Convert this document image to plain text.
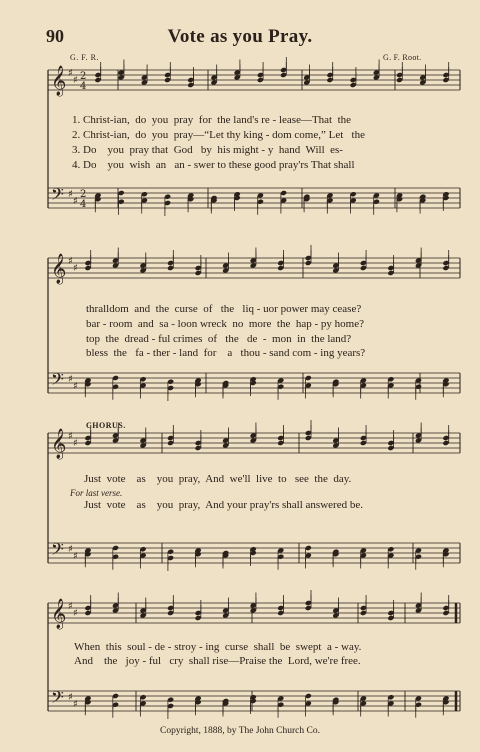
90	Vote as you Pray.
G. F. R.	G. F. Root.
𝄞
𝄢
♯
♯
♯
♯
2
4
2
4
𝄞
𝄢
♯
♯
♯
♯
𝄞
𝄢
♯
♯
♯
♯
𝄞
𝄢
♯
♯
♯
♯
1. Christ-ian,  do  you  pray  for  the land's re - lease—That  the
2. Christ-ian,  do  you  pray—“Let thy king - dom come,” Let   the
3. Do    you  pray that  God   by  his might - y  hand  Will  es-
4. Do    you  wish  an   an - swer to these good pray'rs That shall
thralldom  and  the  curse  of   the   liq - uor power may cease?
bar - room  and  sa - loon wreck  no  more  the  hap - py home?
top  the  dread - ful crimes  of   the   de  -  mon  in  the land?
bless  the   fa - ther - land  for    a   thou - sand com - ing years?
CHORUS.
Just  vote    as    you  pray,  And  we'll  live  to   see  the  day.
For last verse.
Just  vote    as    you  pray,  And your pray'rs shall answered be.
When  this  soul - de - stroy - ing  curse  shall  be  swept  a - way.
And    the   joy - ful   cry  shall rise—Praise the  Lord, we're free.
Copyright, 1888, by The John Church Co.
